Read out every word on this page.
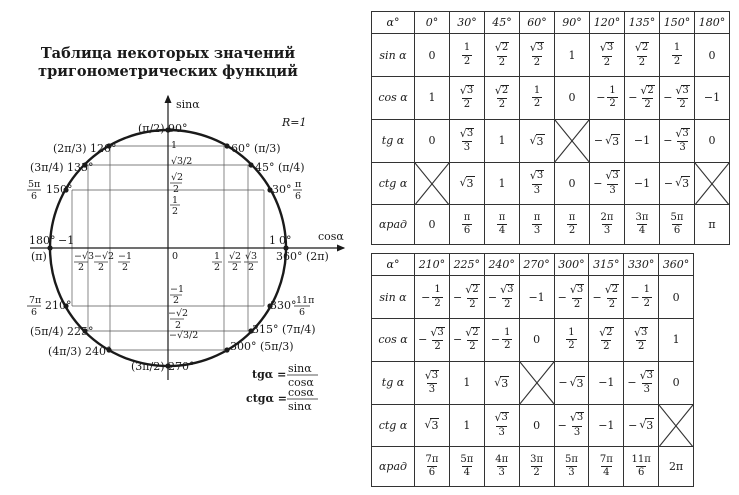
Таблица некоторых значений
тригонометрических функций
sinα
cosα
R=1
(π/2) 90°
60° (π/3)
(2π/3) 120°
45° (π/4)
(3π/4) 135°
30° π
6
150°
5π
6
1 0°
360° (2π)
180° −1
(π)
210°
7π
6
330° 11π
6
(5π/4) 225°	315° (7π/4)
(4π/3) 240°	300° (5π/3)
(3π/2) 270°
0
1
√3/2
√2
2
1
2
−1
2
−√2
2
−√3/2
−√3
2
−√2
2
−1
2
1
2
√2
2
√3
2
tgα = sinα
cosα
ctgα = cosα
sinα
α°	0°	30°	45°	60°	90°	120°	135°	150°	180°
sin α	0	$\frac{1}{2}$	$\frac{√ 2}{2}$	$\frac{√ 3}{2}$	1	$\frac{√ 3}{2}$	$\frac{√ 2}{2}$	$\frac{1}{2}$	0
cos α	1	$\frac{√ 3}{2}$	$\frac{√ 2}{2}$	$\frac{1}{2}$	0	− $\frac{1}{2}$	− $\frac{√ 2}{2}$	− $\frac{√ 3}{2}$	−1
tg α	0	$\frac{√ 3}{3}$	1	√ 3		− √ 3	−1	− $\frac{√ 3}{3}$	0
ctg α		√ 3	1	$\frac{√ 3}{3}$	0	− $\frac{√ 3}{3}$	−1	− √ 3

αрад	0	$\frac{\pi}{6}$	$\frac{\pi}{4}$	$\frac{\pi}{3}$	$\frac{\pi}{2}$	$\frac{2\pi}{3}$	$\frac{3\pi}{4}$	$\frac{5\pi}{6}$	π
α°	210°	225°	240°	270°	300°	315°	330°	360°
sin α	− $\frac{1}{2}$	− $\frac{√ 2}{2}$	− $\frac{√ 3}{2}$	−1	− $\frac{√ 3}{2}$	− $\frac{√ 2}{2}$	− $\frac{1}{2}$	0
cos α	− $\frac{√ 3}{2}$	− $\frac{√ 2}{2}$	− $\frac{1}{2}$	0	$\frac{1}{2}$	$\frac{√ 2}{2}$	$\frac{√ 3}{2}$	1
tg α	$\frac{√ 3}{3}$	1	√ 3		− √ 3	−1	− $\frac{√ 3}{3}$	0
ctg α	√ 3	1	$\frac{√ 3}{3}$	0	− $\frac{√ 3}{3}$	−1	− √ 3

αрад	$\frac{7\pi}{6}$	$\frac{5\pi}{4}$	$\frac{4\pi}{3}$	$\frac{3\pi}{2}$	$\frac{5\pi}{3}$	$\frac{7\pi}{4}$	$\frac{11\pi}{6}$	2π
